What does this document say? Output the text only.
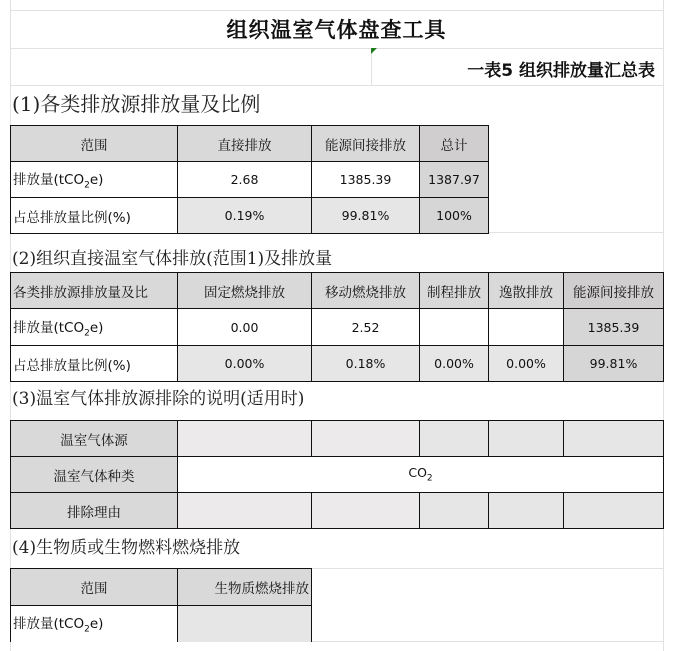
组织温室气体盘查工具
一表5 组织排放量汇总表
(1)各类排放源排放量及比例
范围	直接排放	能源间接排放	总计
排放量(tCO$_2$e)	2.68	1385.39	1387.97
占总排放量比例(%)	0.19%	99.81%	100%
(2)组织直接温室气体排放(范围1)及排放量
各类排放源排放量及比	固定燃烧排放	移动燃烧排放	制程排放	逸散排放	能源间接排放
排放量(tCO$_2$e)	0.00	2.52			1385.39
占总排放量比例(%)	0.00%	0.18%	0.00%	0.00%	99.81%
(3)温室气体排放源排除的说明(适用时)
温室气体源					
温室气体种类	$CO_2$
排除理由					
(4)生物质或生物燃料燃烧排放
范围	生物质燃烧排放
排放量(tCO$_2$e)	
